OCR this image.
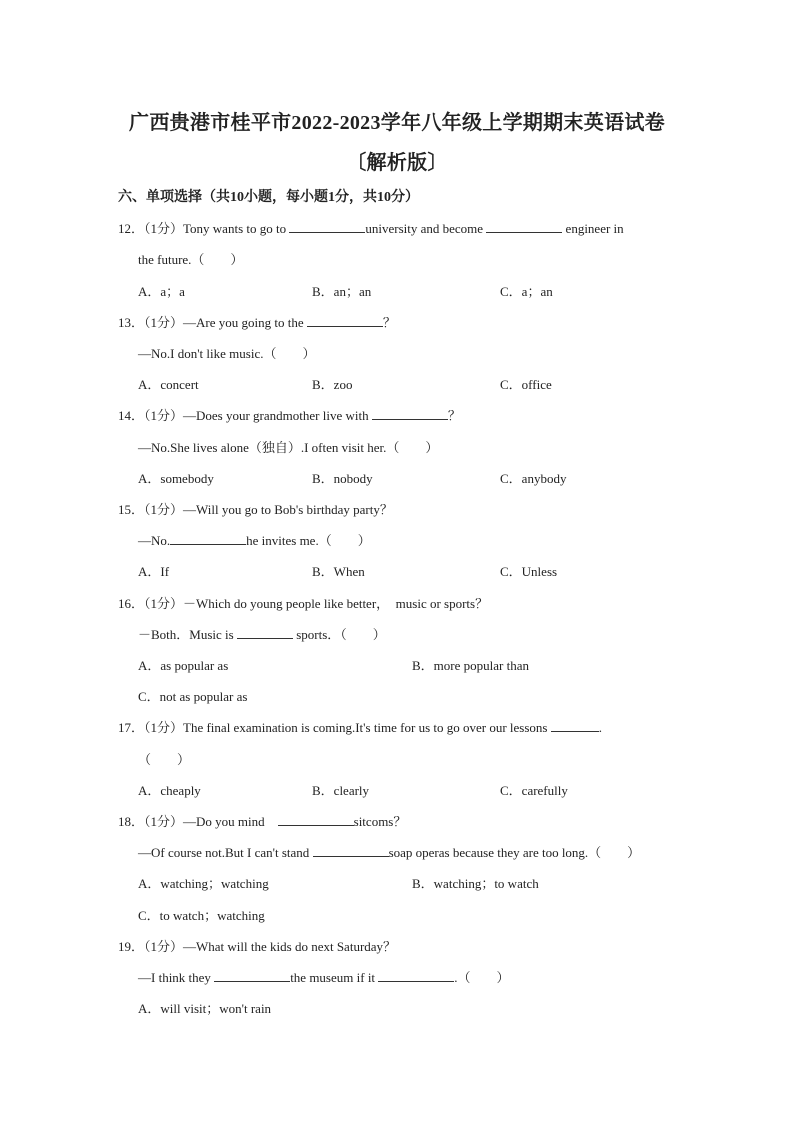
广西贵港市桂平市2022-2023学年八年级上学期期末英语试卷
〔解析版〕
六、单项选择（共10小题，每小题1分，共10分）
12．（1分）Tony wants to go to	university and become	engineer in
the future.（　　）
A．a；a	B．an；an	C．a；an
13．（1分）—Are you going to the	？
—No.I don't like music.（　　）
A．concert	B．zoo	C．office
14．（1分）—Does your grandmother live with	？
—No.She lives alone（独自）.I often visit her.（　　）
A．somebody	B．nobody	C．anybody
15．（1分）—Will you go to Bob's birthday party？
—No.	he invites me.（　　）
A．If	B．When	C．Unless
16．（1分）－Which do young people like better，　music or sports？
－Both．Music is	sports．（　　）
A．as popular as	B．more popular than
C．not as popular as
17．（1分）The final examination is coming.It's time for us to go over our lessons	.
（　　）
A．cheaply	B．clearly	C．carefully
18．（1分）—Do you mind　	sitcoms？
—Of course not.But I can't stand	soap operas because they are too long.（　　）
A．watching；watching	B．watching；to watch
C．to watch；watching
19．（1分）—What will the kids do next Saturday？
—I think they	the museum if it	.（　　）
A．will visit；won't rain
